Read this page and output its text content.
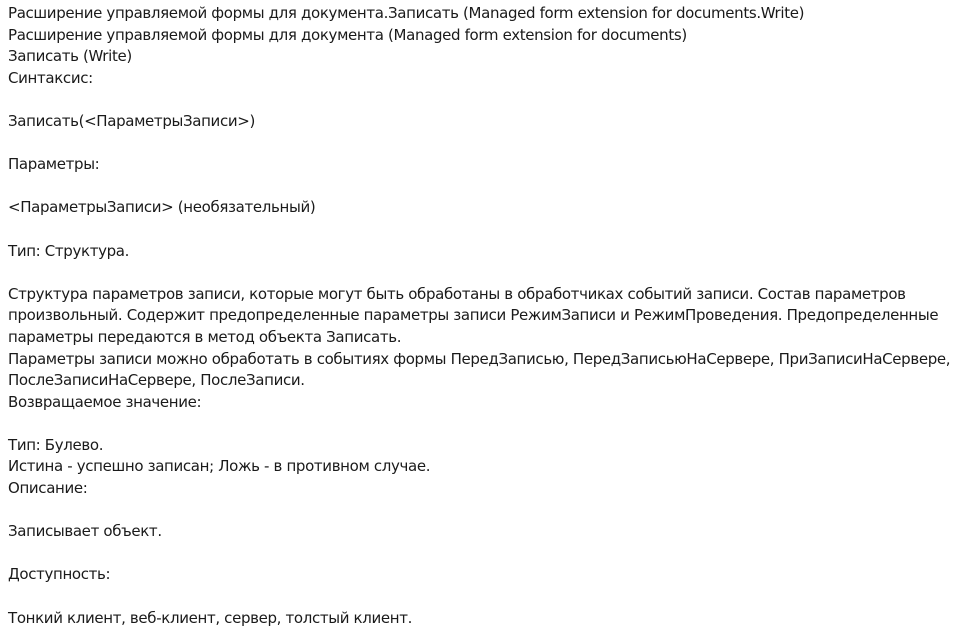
Расширение управляемой формы для документа.Записать (Managed form extension for documents.Write)
Расширение управляемой формы для документа (Managed form extension for documents)
Записать (Write)
Синтаксис:
Записать(<ПараметрыЗаписи>)
Параметры:
<ПараметрыЗаписи> (необязательный)
Тип: Структура.
Структура параметров записи, которые могут быть обработаны в обработчиках событий записи. Состав параметров
произвольный. Содержит предопределенные параметры записи РежимЗаписи и РежимПроведения. Предопределенные
параметры передаются в метод объекта Записать.
Параметры записи можно обработать в событиях формы ПередЗаписью, ПередЗаписьюНаСервере, ПриЗаписиНаСервере,
ПослеЗаписиНаСервере, ПослеЗаписи.
Возвращаемое значение:
Тип: Булево.
Истина - успешно записан; Ложь - в противном случае.
Описание:
Записывает объект.
Доступность:
Тонкий клиент, веб-клиент, сервер, толстый клиент.
